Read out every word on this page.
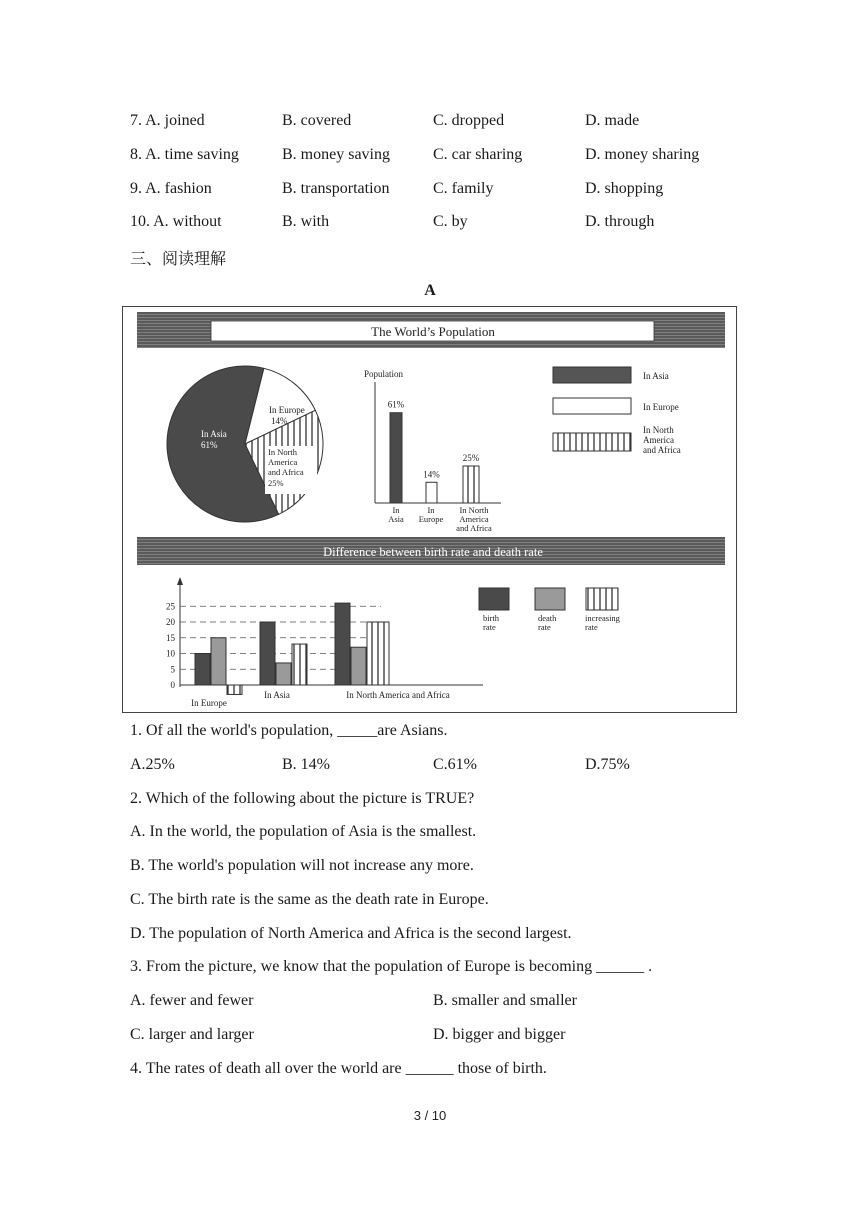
7. A. joined	B. covered	C. dropped	D. made
8. A. time saving	B. money saving	C. car sharing	D. money sharing
9. A. fashion	B. transportation	C. family	D. shopping
10. A. without	B. with	C. by	D. through
三、阅读理解
A
The World’s Population
In Asia
61%
In Europe
14%
In North
America
and Africa
25%
Population
61%
14%
25%
In
Asia
In
Europe
In North
America
and Africa
In Asia
In Europe
In North
America
and Africa
Difference between birth rate and death rate
0
5
10
15
20
25
In Europe
In Asia	In North America and Africa
birth
rate
death
rate
increasing
rate
1. Of all the world's population, _____are Asians.
A.25%	B. 14%	C.61%	D.75%
2. Which of the following about the picture is TRUE?
A. In the world, the population of Asia is the smallest.
B. The world's population will not increase any more.
C. The birth rate is the same as the death rate in Europe.
D. The population of North America and Africa is the second largest.
3. From the picture, we know that the population of Europe is becoming ______ .
A. fewer and fewer	B. smaller and smaller
C. larger and larger	D. bigger and bigger
4. The rates of death all over the world are ______ those of birth.
3 / 10
